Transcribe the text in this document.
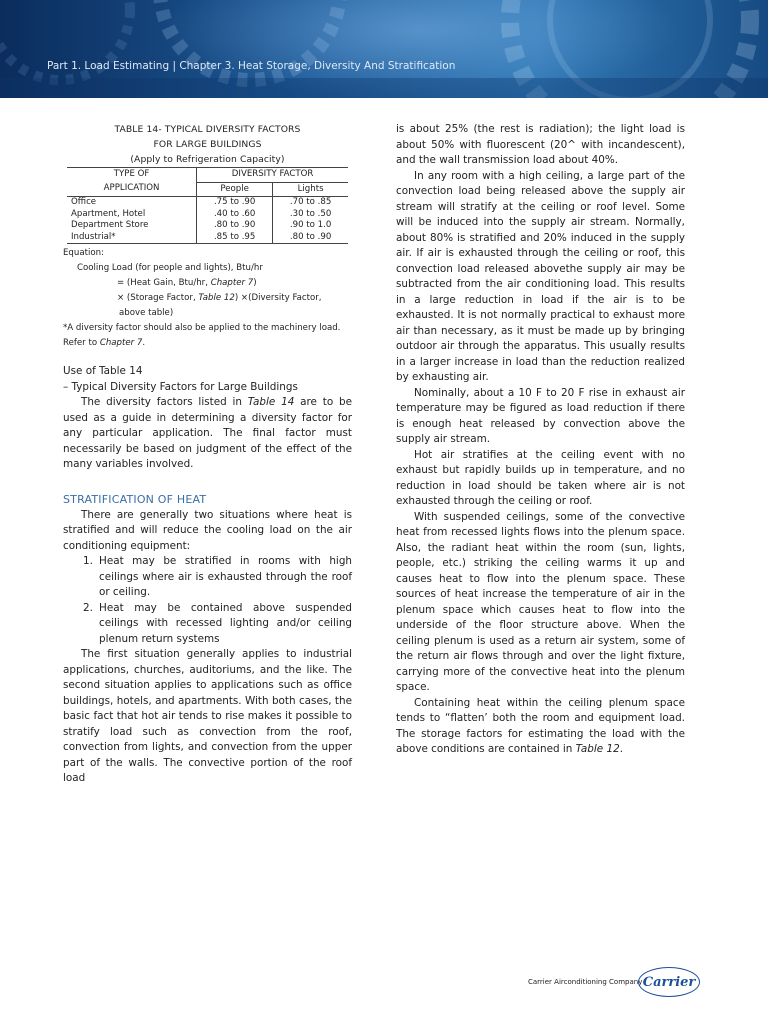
Part 1. Load Estimating | Chapter 3. Heat Storage, Diversity And Stratification
TABLE 14- TYPICAL DIVERSITY FACTORS
FOR LARGE BUILDINGS
(Apply to Refrigeration Capacity)
TYPE OF	DIVERSITY FACTOR	
APPLICATION	People	Lights
Office	.75 to .90	.70 to .85
Apartment, Hotel	.40 to .60	.30 to .50
Department Store	.80 to .90	.90 to 1.0
Industrial*	.85 to .95	.80 to .90
Equation:
Cooling Load (for people and lights), Btu/hr
= (Heat Gain, Btu/hr, Chapter 7)
× (Storage Factor, Table 12) ×(Diversity Factor,
above table)
*A diversity factor should also be applied to the machinery load.
Refer to Chapter 7.
Use of Table 14
– Typical Diversity Factors for Large Buildings
The diversity factors listed in Table 14 are to be used as a guide in determining a diversity factor for any particular application. The final factor must necessarily be based on judgment of the effect of the many variables involved.
STRATIFICATION OF HEAT
There are generally two situations where heat is stratified and will reduce the cooling load on the air conditioning equipment:
1. Heat may be stratified in rooms with high ceilings where air is exhausted through the roof or ceiling.
2. Heat may be contained above suspended ceilings with recessed lighting and/or ceiling plenum return systems
The first situation generally applies to industrial applications, churches, auditoriums, and the like. The second situation applies to applications such as office buildings, hotels, and apartments. With both cases, the basic fact that hot air tends to rise makes it possible to stratify load such as convection from the roof, convection from lights, and convection from the upper part of the walls. The convective portion of the roof load
is about 25% (the rest is radiation); the light load is about 50% with fluorescent (20^ with incandescent), and the wall transmission load about 40%.
In any room with a high ceiling, a large part of the convection load being released above the supply air stream will stratify at the ceiling or roof level. Some will be induced into the supply air stream. Normally, about 80% is stratified and 20% induced in the supply air. If air is exhausted through the ceiling or roof, this convection load released abovethe supply air may be subtracted from the air conditioning load. This results in a large reduction in load if the air is to be exhausted. It is not normally practical to exhaust more air than necessary, as it must be made up by bringing outdoor air through the apparatus. This usually results in a larger increase in load than the reduction realized by exhausting air.
Nominally, about a 10 F to 20 F rise in exhaust air temperature may be figured as load reduction if there is enough heat released by convection above the supply air stream.
Hot air stratifies at the ceiling event with no exhaust but rapidly builds up in temperature, and no reduction in load should be taken where air is not exhausted through the ceiling or roof.
With suspended ceilings, some of the convective heat from recessed lights flows into the plenum space. Also, the radiant heat within the room (sun, lights, people, etc.) striking the ceiling warms it up and causes heat to flow into the plenum space. These sources of heat increase the temperature of air in the plenum space which causes heat to flow into the underside of the floor structure above. When the ceiling plenum is used as a return air system, some of the return air flows through and over the light fixture, carrying more of the convective heat into the plenum space.
Containing heat within the ceiling plenum space tends to “flatten’ both the room and equipment load. The storage factors for estimating the load with the above conditions are contained in Table 12.
Carrier Airconditioning Company Carrier
